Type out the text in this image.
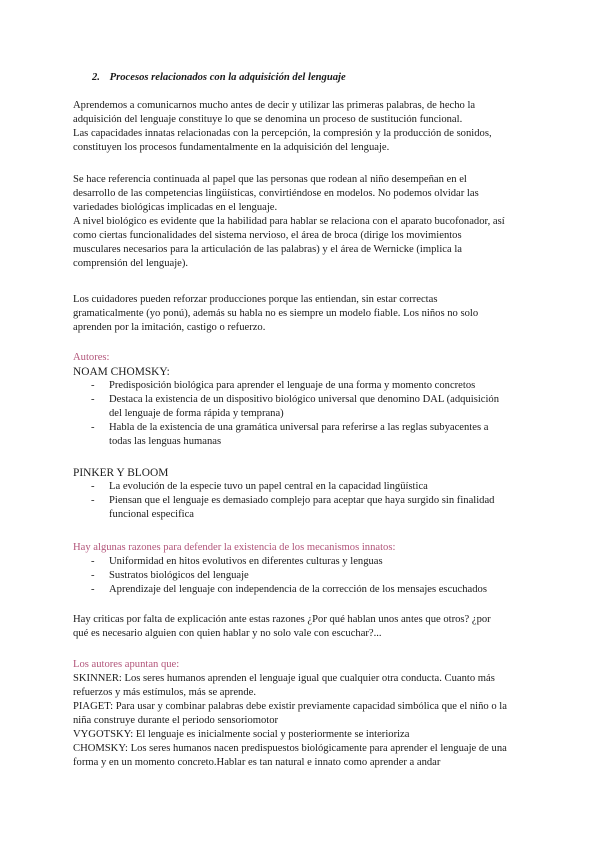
2. Procesos relacionados con la adquisición del lenguaje

Aprendemos a comunicarnos mucho antes de decir y utilizar las primeras palabras, de hecho la

adquisición del lenguaje constituye lo que se denomina un proceso de sustitución funcional.

Las capacidades innatas relacionadas con la percepción, la compresión y la producción de sonidos,

constituyen los procesos fundamentalmente en la adquisición del lenguaje.

Se hace referencia continuada al papel que las personas que rodean al niño desempeñan en el

desarrollo de las competencias lingüísticas, convirtiéndose en modelos. No podemos olvidar las

variedades biológicas implicadas en el lenguaje.

A nivel biológico es evidente que la habilidad para hablar se relaciona con el aparato bucofonador, así

como ciertas funcionalidades del sistema nervioso, el área de broca (dirige los movimientos

musculares necesarios para la articulación de las palabras) y el área de Wernicke (implica la

comprensión del lenguaje).

Los cuidadores pueden reforzar producciones porque las entiendan, sin estar correctas

gramaticalmente (yo ponú), además su habla no es siempre un modelo fiable. Los niños no solo

aprenden por la imitación, castigo o refuerzo.

Autores:

NOAM CHOMSKY:

- Predisposición biológica para aprender el lenguaje de una forma y momento concretos
- Destaca la existencia de un dispositivo biológico universal que denomino DAL (adquisición
del lenguaje de forma rápida y temprana)
- Habla de la existencia de una gramática universal para referirse a las reglas subyacentes a
todas las lenguas humanas

PINKER Y BLOOM

- La evolución de la especie tuvo un papel central en la capacidad lingüística
- Piensan que el lenguaje es demasiado complejo para aceptar que haya surgido sin finalidad
funcional especifica

Hay algunas razones para defender la existencia de los mecanismos innatos:

- Uniformidad en hitos evolutivos en diferentes culturas y lenguas
- Sustratos biológicos del lenguaje
- Aprendizaje del lenguaje con independencia de la corrección de los mensajes escuchados

Hay criticas por falta de explicación ante estas razones ¿Por qué hablan unos antes que otros? ¿por

qué es necesario alguien con quien hablar y no solo vale con escuchar?...

Los autores apuntan que:

SKINNER: Los seres humanos aprenden el lenguaje igual que cualquier otra conducta. Cuanto más

refuerzos y más estímulos, más se aprende.

PIAGET: Para usar y combinar palabras debe existir previamente capacidad simbólica que el niño o la

niña construye durante el periodo sensoriomotor

VYGOTSKY: El lenguaje es inicialmente social y posteriormente se interioriza

CHOMSKY: Los seres humanos nacen predispuestos biológicamente para aprender el lenguaje de una

forma y en un momento concreto.Hablar es tan natural e innato como aprender a andar
